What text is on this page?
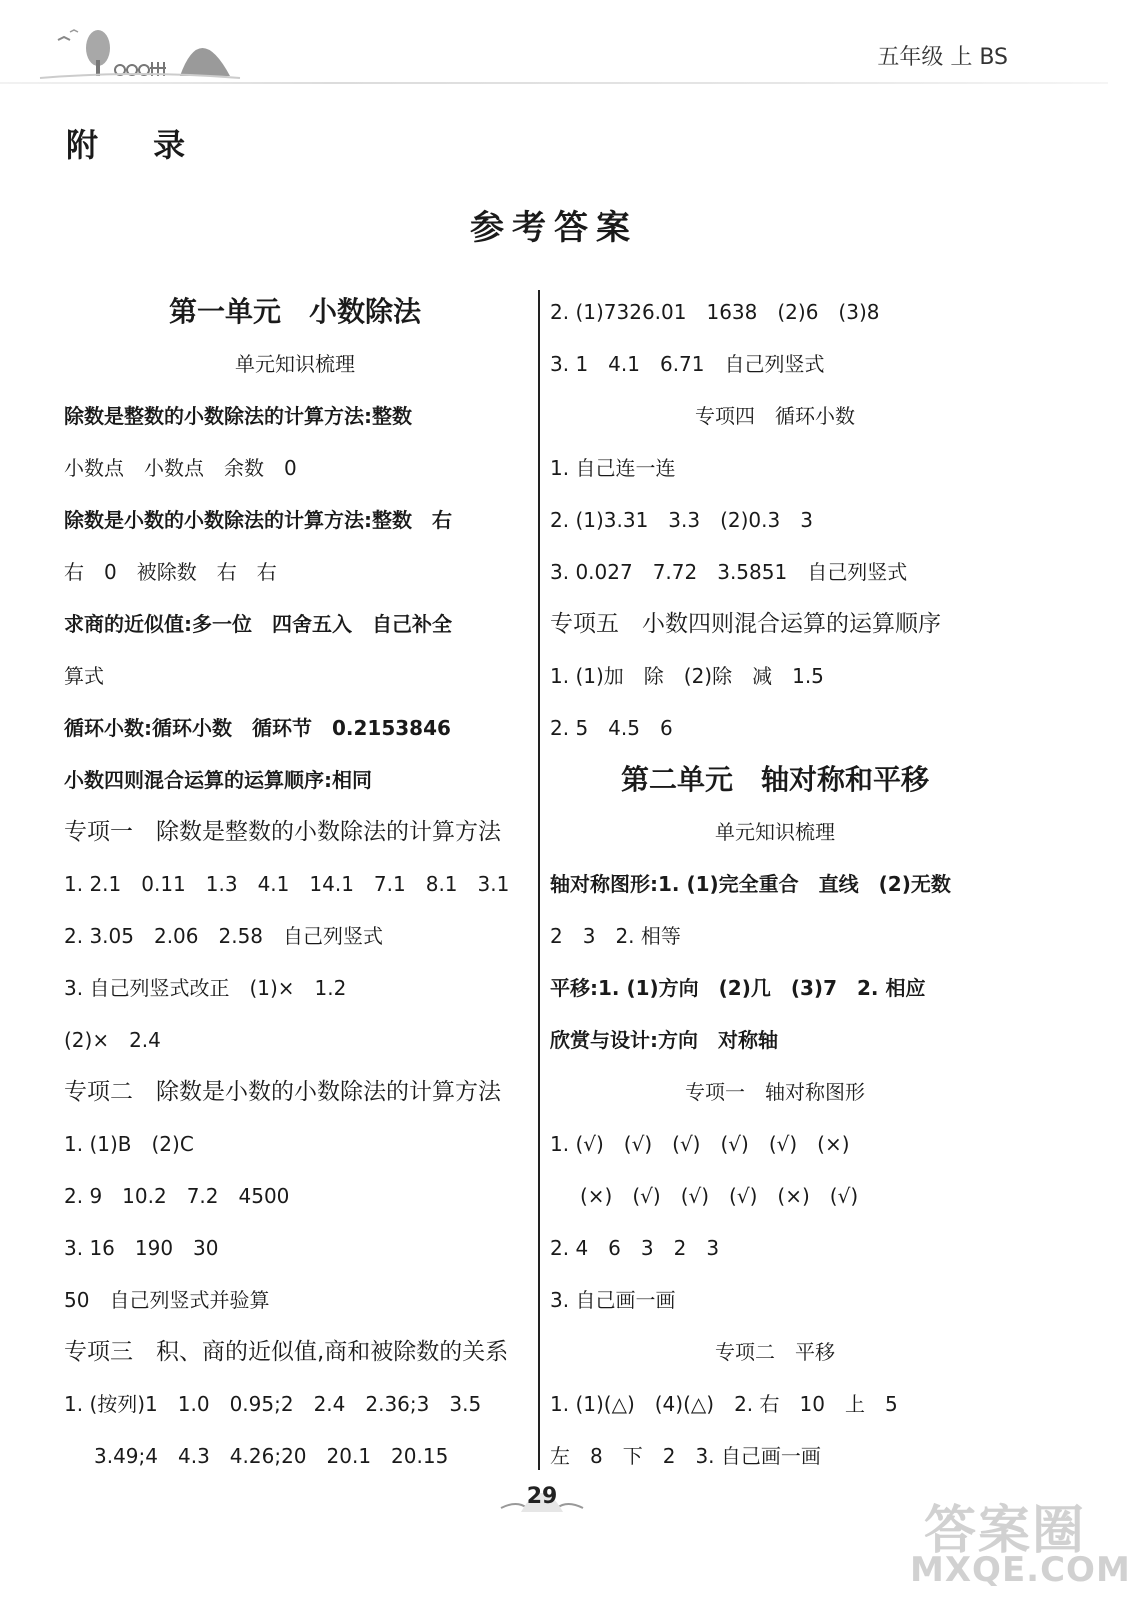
五年级 上 BS
附 录
参考答案
第一单元　小数除法
单元知识梳理
除数是整数的小数除法的计算方法:整数
小数点　小数点　余数　0
除数是小数的小数除法的计算方法:整数　右
右　0　被除数　右　右
求商的近似值:多一位　四舍五入　自己补全
算式
循环小数:循环小数　循环节　0.2153846
小数四则混合运算的运算顺序:相同
专项一　除数是整数的小数除法的计算方法
1. 2.1　0.11　1.3　4.1　14.1　7.1　8.1　3.1
2. 3.05　2.06　2.58　自己列竖式
3. 自己列竖式改正　(1)×　1.2
(2)×　2.4
专项二　除数是小数的小数除法的计算方法
1. (1)B　(2)C
2. 9　10.2　7.2　4500
3. 16　190　30
50　自己列竖式并验算
专项三　积、商的近似值,商和被除数的关系
1. (按列)1　1.0　0.95;2　2.4　2.36;3　3.5
3.49;4　4.3　4.26;20　20.1　20.15
2. (1)7326.01　1638　(2)6　(3)8
3. 1　4.1　6.71　自己列竖式
专项四　循环小数
1. 自己连一连
2. (1)3.31　3.3　(2)0.3　3
3. 0.027　7.72　3.5851　自己列竖式
专项五　小数四则混合运算的运算顺序
1. (1)加　除　(2)除　减　1.5
2. 5　4.5　6
第二单元　轴对称和平移
单元知识梳理
轴对称图形:1. (1)完全重合　直线　(2)无数
2　3　2. 相等
平移:1. (1)方向　(2)几　(3)7　2. 相应
欣赏与设计:方向　对称轴
专项一　轴对称图形
1. (√)　(√)　(√)　(√)　(√)　(×)
(×)　(√)　(√)　(√)　(×)　(√)
2. 4　6　3　2　3
3. 自己画一画
专项二　平移
1. (1)(△)　(4)(△)　2. 右　10　上　5
左　8　下　2　3. 自己画一画
29
答案圈
MXQE.COM
